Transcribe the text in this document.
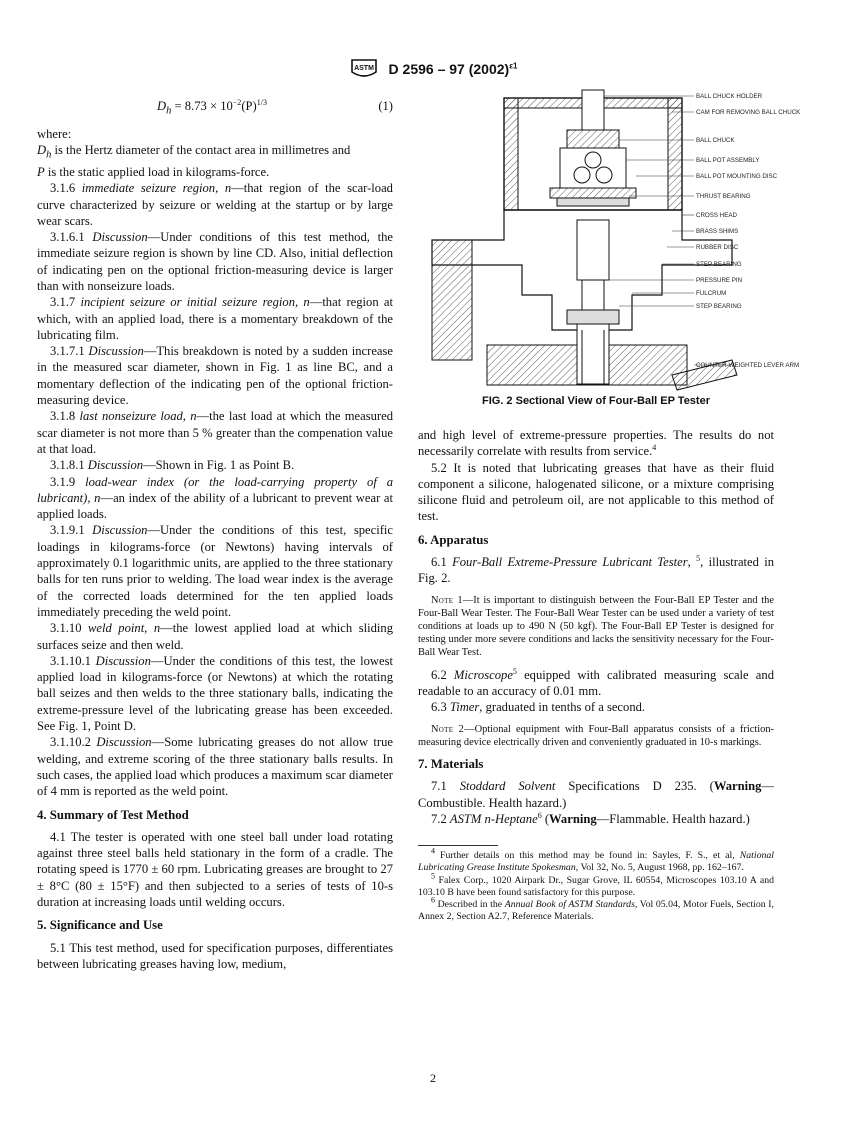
ASTM D 2596 – 97 $(2002)^{\varepsilon 1}$
$D_h = 8.73 \times 10^{-2}(P)^{1/3}$	(1)

where:

$D_h$ is the Hertz diameter of the contact area in millimetres and

P is the static applied load in kilograms-force.

3.1.6 immediate seizure region, n—that region of the scar-load curve characterized by seizure or welding at the startup or by large wear scars.

3.1.6.1 Discussion—Under conditions of this test method, the immediate seizure region is shown by line CD. Also, initial deflection of indicating pen on the optional friction-measuring device is larger than with nonseizure loads.

3.1.7 incipient seizure or initial seizure region, n—that region at which, with an applied load, there is a momentary breakdown of the lubricating film.

3.1.7.1 Discussion—This breakdown is noted by a sudden increase in the measured scar diameter, shown in Fig. 1 as line BC, and a momentary deflection of the indicating pen of the optional friction-measuring device.

3.1.8 last nonseizure load, n—the last load at which the measured scar diameter is not more than 5 % greater than the compenation value at that load.

3.1.8.1 Discussion—Shown in Fig. 1 as Point B.

3.1.9 load-wear index (or the load-carrying property of a lubricant), n—an index of the ability of a lubricant to prevent wear at applied loads.

3.1.9.1 Discussion—Under the conditions of this test, specific loadings in kilograms-force (or Newtons) having intervals of approximately 0.1 logarithmic units, are applied to the three stationary balls for ten runs prior to welding. The load wear index is the average of the corrected loads determined for the ten applied loads immediately preceding the weld point.

3.1.10 weld point, n—the lowest applied load at which sliding surfaces seize and then weld.

3.1.10.1 Discussion—Under the conditions of this test, the lowest applied load in kilograms-force (or Newtons) at which the rotating ball seizes and then welds to the three stationary balls, indicating the extreme-pressure level of the lubricating grease has been exceeded. See Fig. 1, Point D.

3.1.10.2 Discussion—Some lubricating greases do not allow true welding, and extreme scoring of the three stationary balls results. In such cases, the applied load which produces a maximum scar diameter of 4 mm is reported as the weld point.

4. Summary of Test Method

4.1 The tester is operated with one steel ball under load rotating against three steel balls held stationary in the form of a cradle. The rotating speed is 1770 ± 60 rpm. Lubricating greases are brought to 27 ± 8°C (80 ± 15°F) and then subjected to a series of tests of 10-s duration at increasing loads until welding occurs.

5. Significance and Use

5.1 This test method, used for specification purposes, differentiates between lubricating greases having low, medium,

BALL CHUCK HOLDER
CAM FOR REMOVING BALL CHUCK
BALL CHUCK
BALL POT ASSEMBLY
BALL POT MOUNTING DISC
THRUST BEARING
CROSS HEAD
BRASS SHIMS
RUBBER DISC
STEP BEARING
PRESSURE PIN
FULCRUM
STEP BEARING
COUNTER-WEIGHTED LEVER ARM
FIG. 2 Sectional View of Four-Ball EP Tester

and high level of extreme-pressure properties. The results do not necessarily correlate with results from service.$^4$

5.2 It is noted that lubricating greases that have as their fluid component a silicone, halogenated silicone, or a mixture comprising silicone fluid and petroleum oil, are not applicable to this method of test.

6. Apparatus

6.1 Four-Ball Extreme-Pressure Lubricant Tester, $^5$, illustrated in Fig. 2.

Note 1—It is important to distinguish between the Four-Ball EP Tester and the Four-Ball Wear Tester. The Four-Ball Wear Tester can be used under a variety of test conditions at loads up to 490 N (50 kgf). The Four-Ball EP Tester is designed for testing under more severe conditions and lacks the sensitivity necessary for the Four-Ball Wear Test.

6.2 Microscope$^5$ equipped with calibrated measuring scale and readable to an accuracy of 0.01 mm.

6.3 Timer, graduated in tenths of a second.

Note 2—Optional equipment with Four-Ball apparatus consists of a friction-measuring device electrically driven and conveniently graduated in 10-s markings.

7. Materials

7.1 Stoddard Solvent Specifications D 235. (Warning—Combustible. Health hazard.)

7.2 ASTM n-Heptane$^6$ (Warning—Flammable. Health hazard.)

$^4$ Further details on this method may be found in: Sayles, F. S., et al, National Lubricating Grease Institute Spokesman, Vol 32, No. 5, August 1968, pp. 162–167.

$^5$ Falex Corp., 1020 Airpark Dr., Sugar Grove, IL 60554, Microscopes 103.10 A and 103.10 B have been found satisfactory for this purpose.

$^6$ Described in the Annual Book of ASTM Standards, Vol 05.04, Motor Fuels, Section I, Annex 2, Section A2.7, Reference Materials.

2
